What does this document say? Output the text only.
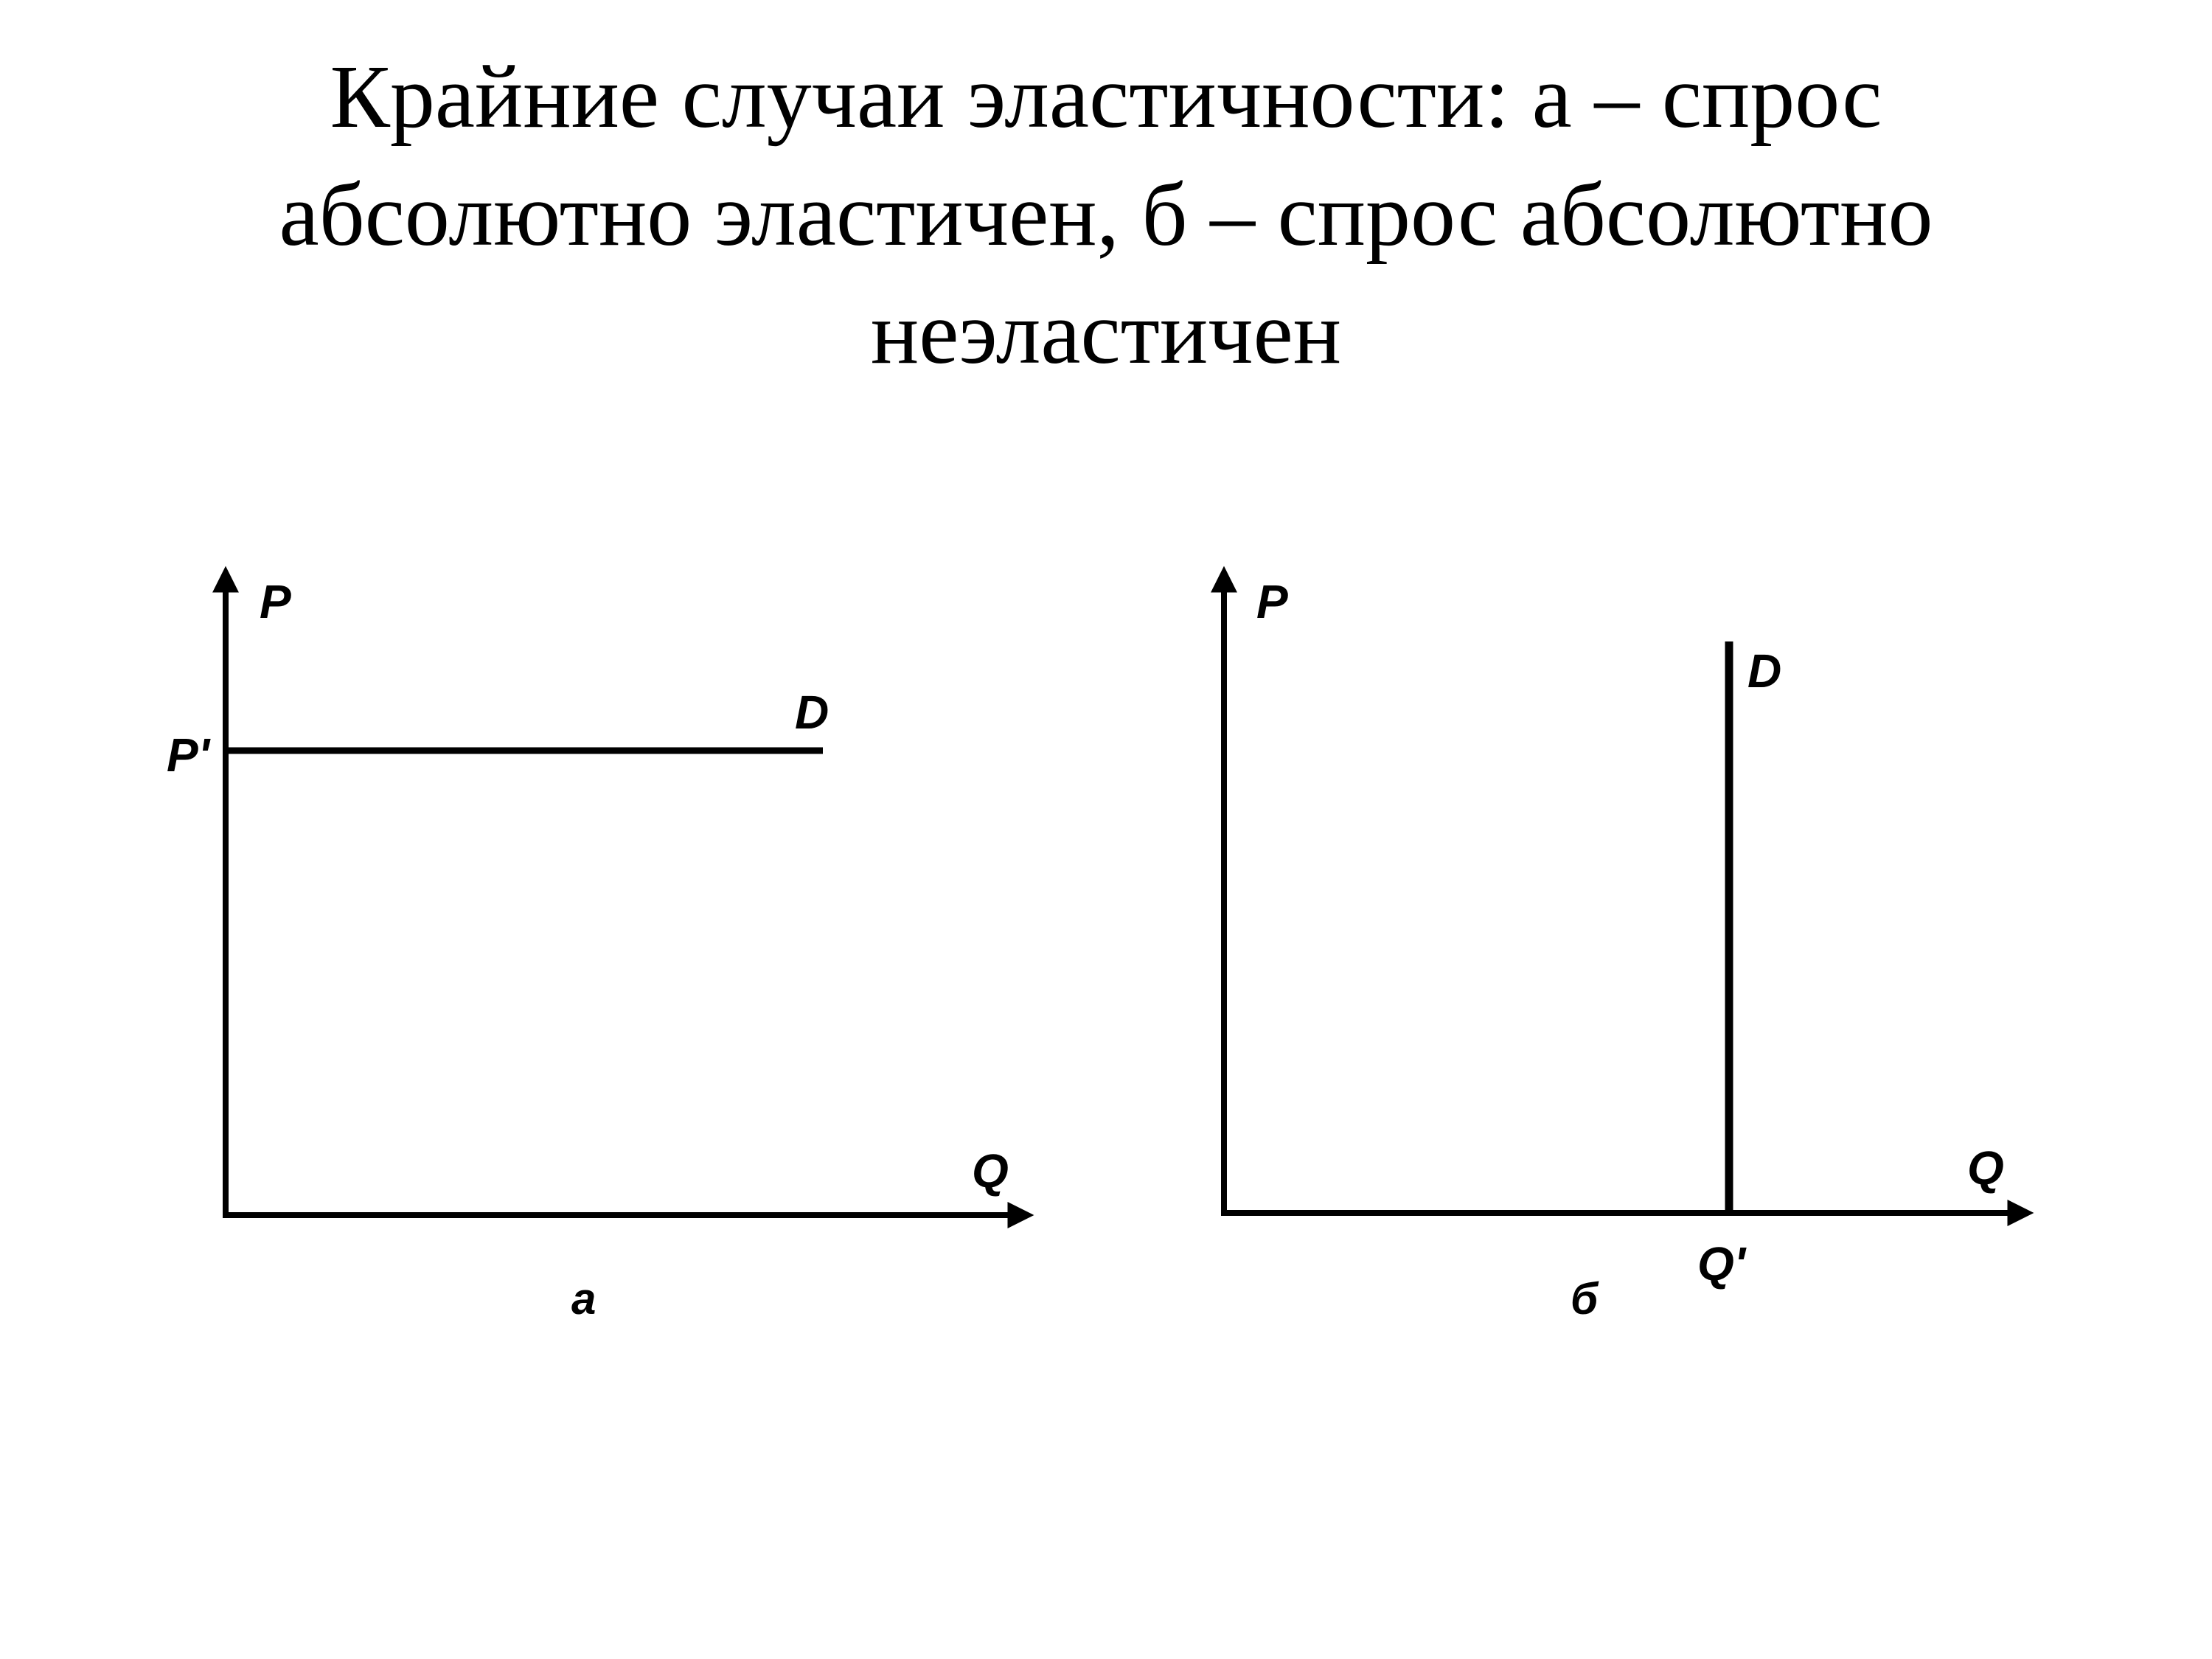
Крайние случаи эластичности: а – спрос
абсолютно эластичен, б – спрос абсолютно
неэластичен
P
P'
D
Q
а
P
D
Q
Q'
б
